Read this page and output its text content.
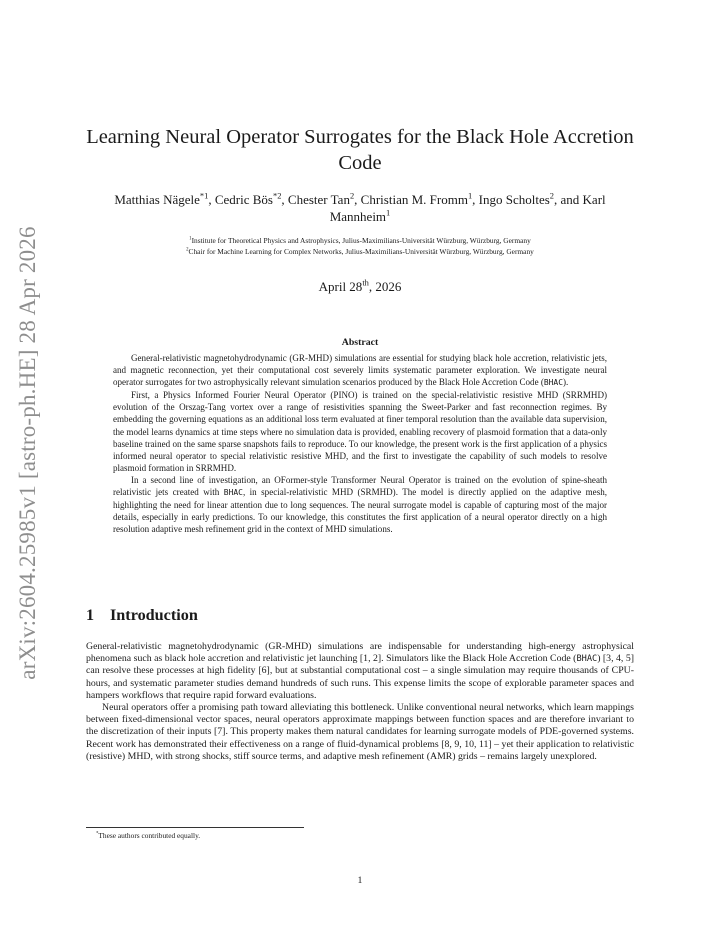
arXiv:2604.25985v1 [astro-ph.HE] 28 Apr 2026
Learning Neural Operator Surrogates for the Black Hole Accretion Code
Matthias Nägele$^{*1}$, Cedric Bös$^{*2}$, Chester Tan$^2$, Christian M. Fromm$^1$, Ingo Scholtes$^2$, and Karl Mannheim$^1$
$^1$Institute for Theoretical Physics and Astrophysics, Julius-Maximilians-Universität Würzburg, Würzburg, Germany
$^2$Chair for Machine Learning for Complex Networks, Julius-Maximilians-Universität Würzburg, Würzburg, Germany
April 28th, 2026
Abstract

General-relativistic magnetohydrodynamic (GR-MHD) simulations are essential for studying black hole accretion, relativistic jets, and magnetic reconnection, yet their computational cost severely limits systematic parameter exploration. We investigate neural operator surrogates for two astrophysically relevant simulation scenarios produced by the Black Hole Accretion Code (BHAC).

First, a Physics Informed Fourier Neural Operator (PINO) is trained on the special-relativistic resistive MHD (SRRMHD) evolution of the Orszag-Tang vortex over a range of resistivities spanning the Sweet-Parker and fast reconnection regimes. By embedding the governing equations as an additional loss term evaluated at finer temporal resolution than the available data supervision, the model learns dynamics at time steps where no simulation data is provided, enabling recovery of plasmoid formation that a data-only baseline trained on the same sparse snapshots fails to reproduce. To our knowledge, the present work is the first application of a physics informed neural operator to special relativistic resistive MHD, and the first to investigate the capability of such models to resolve plasmoid formation in SRRMHD.

In a second line of investigation, an OFormer-style Transformer Neural Operator is trained on the evolution of spine-sheath relativistic jets created with BHAC, in special-relativistic MHD (SRMHD). The model is directly applied on the adaptive mesh, highlighting the need for linear attention due to long sequences. The neural surrogate model is capable of capturing most of the major details, especially in early predictions. To our knowledge, this constitutes the first application of a neural operator directly on a high resolution adaptive mesh refinement grid in the context of MHD simulations.

1 Introduction

General-relativistic magnetohydrodynamic (GR-MHD) simulations are indispensable for understanding high-energy astrophysical phenomena such as black hole accretion and relativistic jet launching [1, 2]. Simulators like the Black Hole Accretion Code (BHAC) [3, 4, 5] can resolve these processes at high fidelity [6], but at substantial computational cost – a single simulation may require thousands of CPU-hours, and systematic parameter studies demand hundreds of such runs. This expense limits the scope of explorable parameter spaces and hampers workflows that require rapid forward evaluations.

Neural operators offer a promising path toward alleviating this bottleneck. Unlike conventional neural networks, which learn mappings between fixed-dimensional vector spaces, neural operators approximate mappings between function spaces and are therefore invariant to the discretization of their inputs [7]. This property makes them natural candidates for learning surrogate models of PDE-governed systems. Recent work has demonstrated their effectiveness on a range of fluid-dynamical problems [8, 9, 10, 11] – yet their application to relativistic (resistive) MHD, with strong shocks, stiff source terms, and adaptive mesh refinement (AMR) grids – remains largely unexplored.

*These authors contributed equally.
1
